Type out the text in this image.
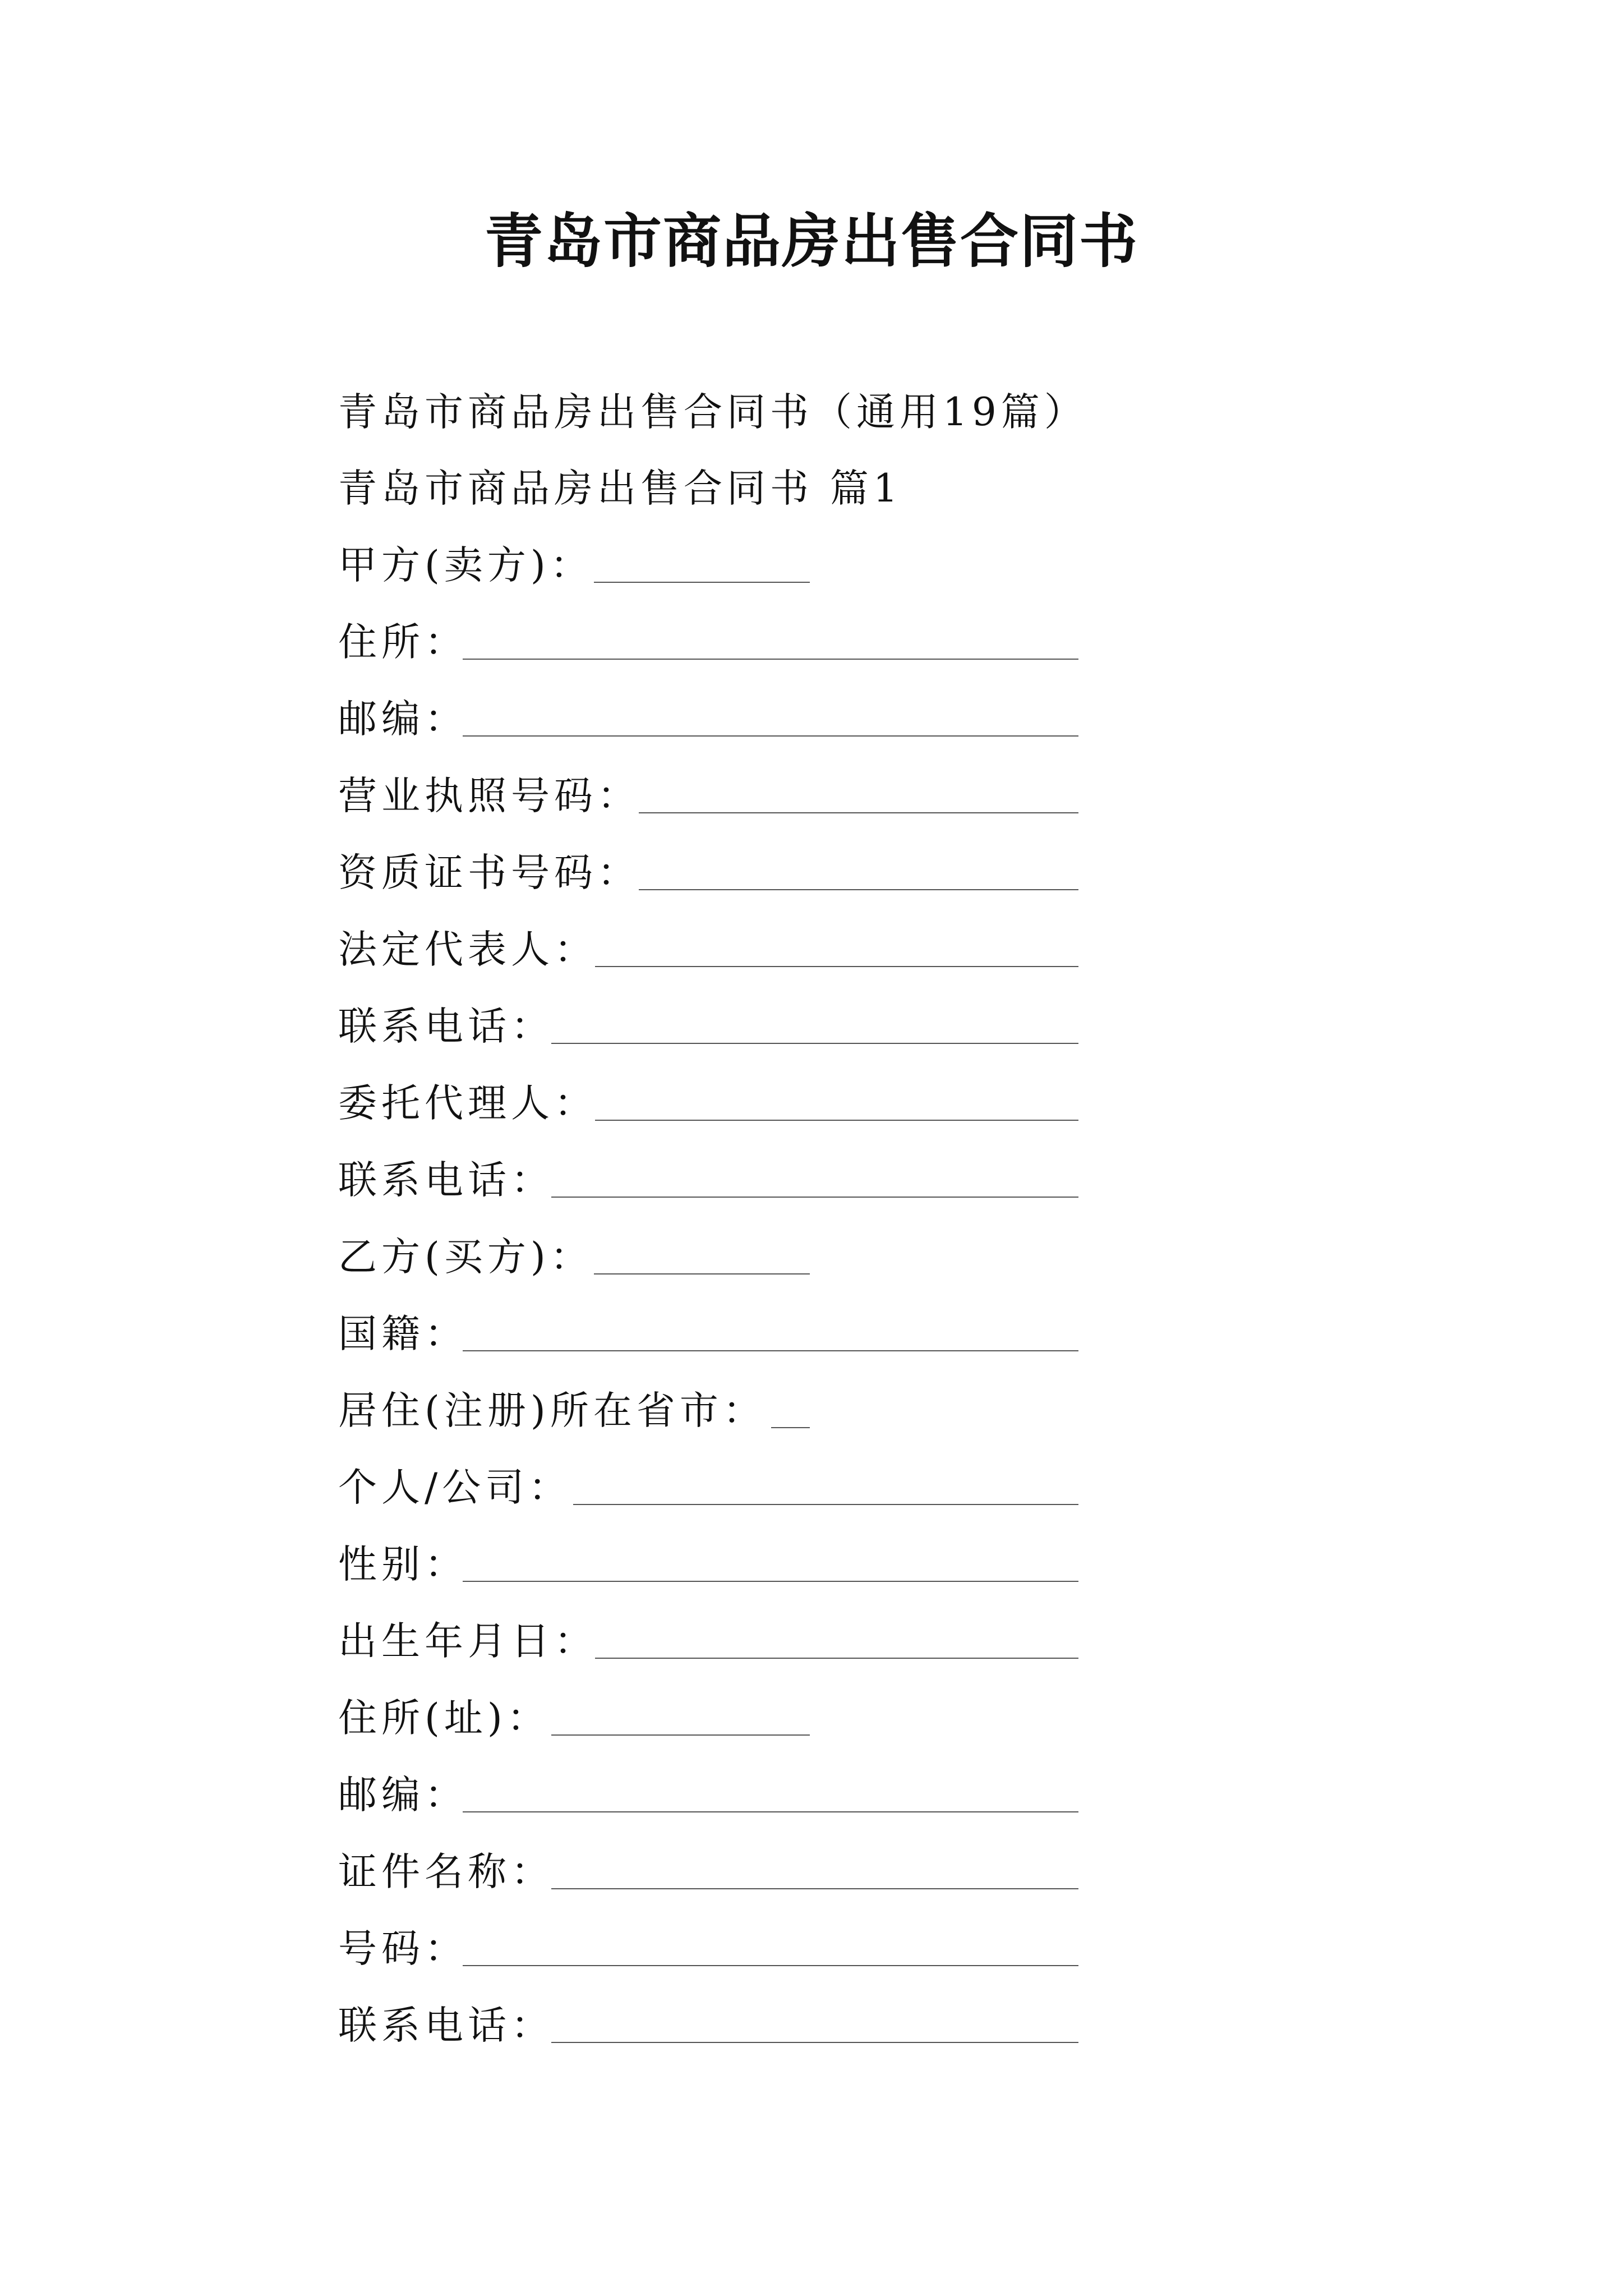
青岛市商品房出售合同书
青岛市商品房出售合同书（通用19篇）
青岛市商品房出售合同书 篇1
甲方(卖方)：
住所：
邮编：
营业执照号码：
资质证书号码：
法定代表人：
联系电话：
委托代理人：
联系电话：
乙方(买方)：
国籍：
居住(注册)所在省市：
个人/公司：
性别：
出生年月日：
住所(址)：
邮编：
证件名称：
号码：
联系电话：
